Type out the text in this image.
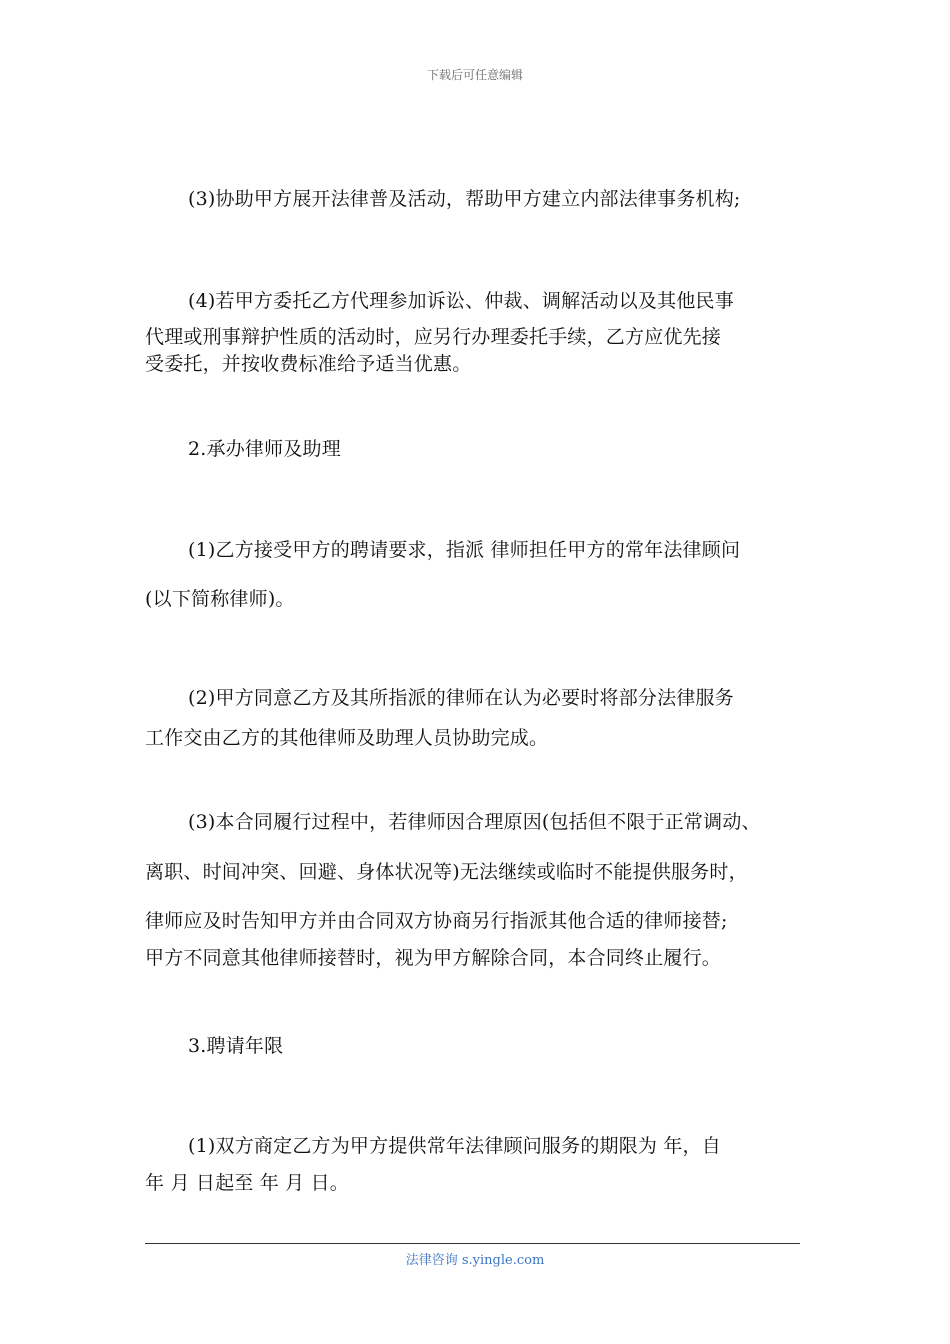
下载后可任意编辑
(3)协助甲方展开法律普及活动，帮助甲方建立内部法律事务机构;
(4)若甲方委托乙方代理参加诉讼、仲裁、调解活动以及其他民事
代理或刑事辩护性质的活动时，应另行办理委托手续，乙方应优先接
受委托，并按收费标准给予适当优惠。
2.承办律师及助理
(1)乙方接受甲方的聘请要求，指派 律师担任甲方的常年法律顾问
(以下简称律师)。
(2)甲方同意乙方及其所指派的律师在认为必要时将部分法律服务
工作交由乙方的其他律师及助理人员协助完成。
(3)本合同履行过程中，若律师因合理原因(包括但不限于正常调动、
离职、时间冲突、回避、身体状况等)无法继续或临时不能提供服务时，
律师应及时告知甲方并由合同双方协商另行指派其他合适的律师接替;
甲方不同意其他律师接替时，视为甲方解除合同，本合同终止履行。
3.聘请年限
(1)双方商定乙方为甲方提供常年法律顾问服务的期限为 年，自
年 月 日起至 年 月 日。
法律咨询 s.yingle.com
